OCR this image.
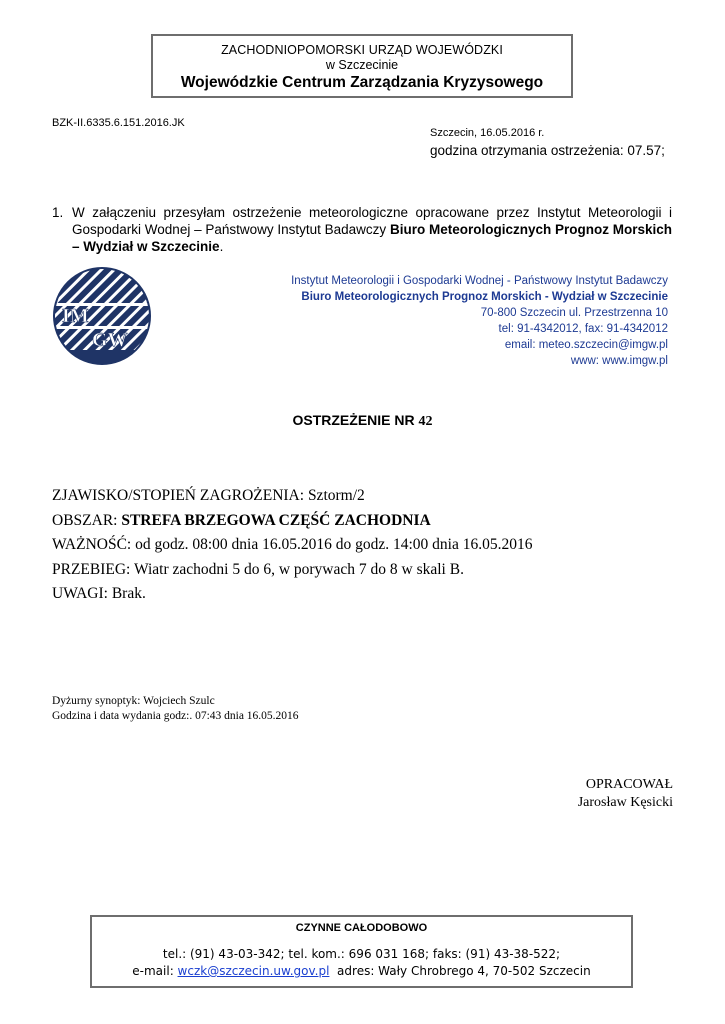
ZACHODNIOPOMORSKI URZĄD WOJEWÓDZKI
w Szczecinie
Wojewódzkie Centrum Zarządzania Kryzysowego
BZK-II.6335.6.151.2016.JK
Szczecin, 16.05.2016 r.
godzina otrzymania ostrzeżenia: 07.57;
1. W załączeniu przesyłam ostrzeżenie meteorologiczne opracowane przez Instytut Meteorologii i Gospodarki Wodnej – Państwowy Instytut Badawczy Biuro Meteorologicznych Prognoz Morskich – Wydział w Szczecinie.
IM
GW
Instytut Meteorologii i Gospodarki Wodnej - Państwowy Instytut Badawczy
Biuro Meteorologicznych Prognoz Morskich - Wydział w Szczecinie
70-800 Szczecin ul. Przestrzenna 10
tel: 91-4342012, fax: 91-4342012
email: meteo.szczecin@imgw.pl
www: www.imgw.pl
OSTRZEŻENIE NR 42
ZJAWISKO/STOPIEŃ ZAGROŻENIA: Sztorm/2
OBSZAR: STREFA BRZEGOWA CZĘŚĆ ZACHODNIA
WAŻNOŚĆ: od godz. 08:00 dnia 16.05.2016 do godz. 14:00 dnia 16.05.2016
PRZEBIEG: Wiatr zachodni 5 do 6, w porywach 7 do 8 w skali B.
UWAGI: Brak.
Dyżurny synoptyk: Wojciech Szulc
Godzina i data wydania godz:. 07:43 dnia 16.05.2016
OPRACOWAŁ
Jarosław Kęsicki
CZYNNE CAŁODOBOWO
tel.: (91) 43-03-342; tel. kom.: 696 031 168; faks: (91) 43-38-522;
e-mail: wczk@szczecin.uw.gov.pl  adres: Wały Chrobrego 4, 70-502 Szczecin
